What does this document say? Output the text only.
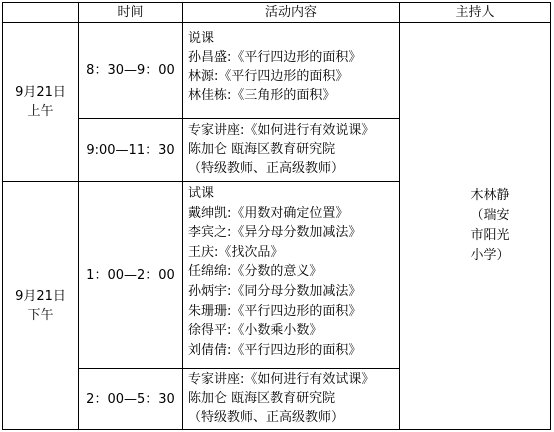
时间	活动内容	主持人
9月21日
上午
8：30—9：00
说课
孙昌盛:《平行四边形的面积》
林源:《平行四边形的面积》
林佳栋:《三角形的面积》
9:00—11：30
专家讲座:《如何进行有效说课》
陈加仑 瓯海区教育研究院
（特级教师、正高级教师）
9月21日
下午
1：00—2：00
试课
戴绅凯:《用数对确定位置》
李宾之:《异分母分数加减法》
王庆:《找次品》
任绵绵:《分数的意义》
孙炳宇:《同分母分数加减法》
朱珊珊:《平行四边形的面积》
徐得平:《小数乘小数》
刘倩倩:《平行四边形的面积》
2：00—5：30
专家讲座:《如何进行有效试课》
陈加仑 瓯海区教育研究院
（特级教师、正高级教师）
木林静
（瑞安
市阳光
小学）
